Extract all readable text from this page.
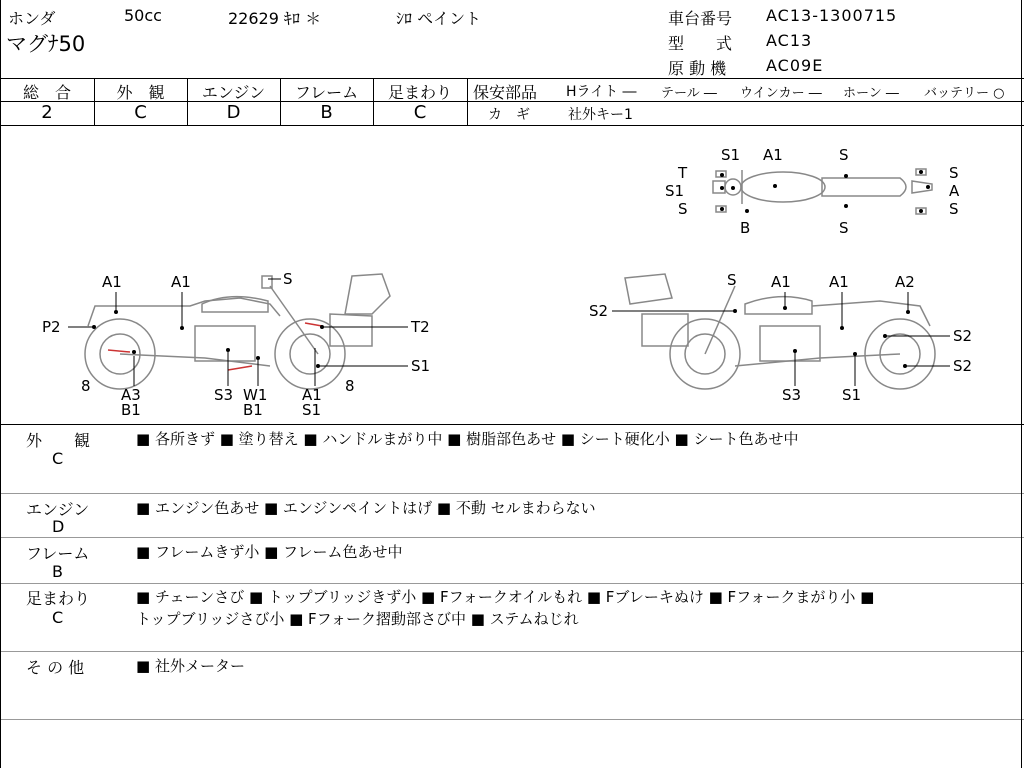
ホンダ	50cc	22629 ｷﾛ ＊	ｼﾛ ペイント
マグﾅ50
車台番号 AC13-1300715
型　　式 AC13
原 動 機 AC09E
総　合	外　観	エンジン	フレーム	足まわり
2	C	D	B	C
保安部品 Hライト ― テール ― ウインカー ― ホーン ― バッテリー ○
カ　ギ	社外キー1
S1 A1	S
T	S
S1	A
S	S
B	S
A1	A1	S
P2	T2
S1
8 A3
B1
S3 W1
B1
A1
S1
8
S A1	A1	A2
S2
S2
S2
S3	S1
外　　観
C
■ 各所きず ■ 塗り替え ■ ハンドルまがり中 ■ 樹脂部色あせ ■ シート硬化小 ■ シート色あせ中
エンジン
D
■ エンジン色あせ ■ エンジンペイントはげ ■ 不動 セルまわらない
フレーム
B
■ フレームきず小 ■ フレーム色あせ中
足まわり
C
■ チェーンさび ■ トップブリッジきず小 ■ Fフォークオイルもれ ■ Fブレーキぬけ ■ Fフォークまがり小 ■
トップブリッジさび小 ■ Fフォーク摺動部さび中 ■ ステムねじれ
そ の 他	■ 社外メーター
